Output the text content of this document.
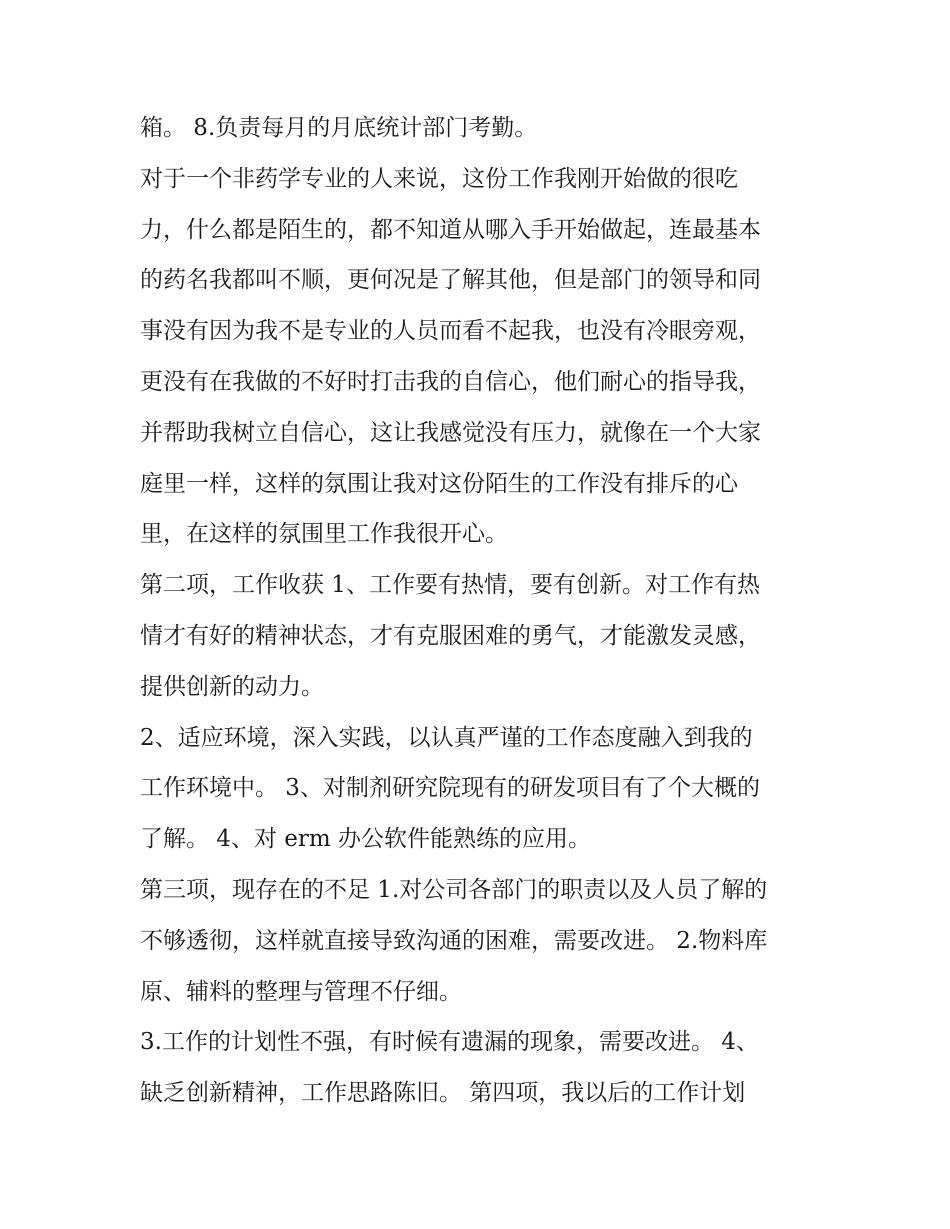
箱。 8.负责每月的月底统计部门考勤。
对于一个非药学专业的人来说，这份工作我刚开始做的很吃
力，什么都是陌生的，都不知道从哪入手开始做起，连最基本
的药名我都叫不顺，更何况是了解其他，但是部门的领导和同
事没有因为我不是专业的人员而看不起我，也没有冷眼旁观，
更没有在我做的不好时打击我的自信心，他们耐心的指导我，
并帮助我树立自信心，这让我感觉没有压力，就像在一个大家
庭里一样，这样的氛围让我对这份陌生的工作没有排斥的心
里，在这样的氛围里工作我很开心。
第二项，工作收获 1、工作要有热情，要有创新。对工作有热
情才有好的精神状态，才有克服困难的勇气，才能激发灵感，
提供创新的动力。
2、适应环境，深入实践，以认真严谨的工作态度融入到我的
工作环境中。 3、对制剂研究院现有的研发项目有了个大概的
了解。 4、对 erm 办公软件能熟练的应用。
第三项，现存在的不足 1.对公司各部门的职责以及人员了解的
不够透彻，这样就直接导致沟通的困难，需要改进。 2.物料库
原、辅料的整理与管理不仔细。
3.工作的计划性不强，有时候有遗漏的现象，需要改进。 4、
缺乏创新精神，工作思路陈旧。 第四项，我以后的工作计划
